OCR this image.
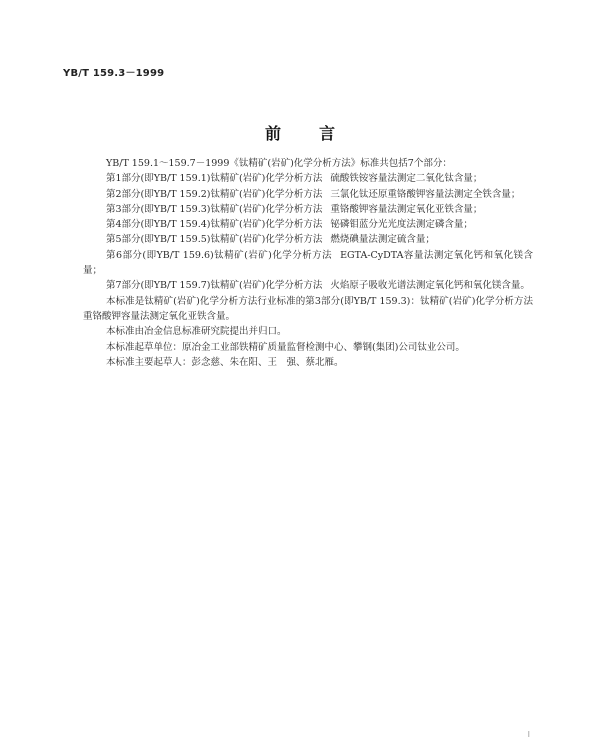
YB/T 159.3－1999

前言

YB/T 159.1～159.7－1999《钛精矿(岩矿)化学分析方法》标准共包括7个部分：

第1部分(即YB/T 159.1)钛精矿(岩矿)化学分析方法 硫酸铁铵容量法测定二氧化钛含量；

第2部分(即YB/T 159.2)钛精矿(岩矿)化学分析方法 三氯化钛还原重铬酸钾容量法测定全铁含量；

第3部分(即YB/T 159.3)钛精矿(岩矿)化学分析方法 重铬酸钾容量法测定氧化亚铁含量；

第4部分(即YB/T 159.4)钛精矿(岩矿)化学分析方法 铋磷钼蓝分光光度法测定磷含量；

第5部分(即YB/T 159.5)钛精矿(岩矿)化学分析方法 燃烧碘量法测定硫含量；

第6部分(即YB/T 159.6)钛精矿(岩矿)化学分析方法 EGTA-CyDTA容量法测定氧化钙和氧化镁含量；

第7部分(即YB/T 159.7)钛精矿(岩矿)化学分析方法 火焰原子吸收光谱法测定氧化钙和氧化镁含量。

本标准是钛精矿(岩矿)化学分析方法行业标准的第3部分(即YB/T 159.3)：钛精矿(岩矿)化学分析方法　重铬酸钾容量法测定氧化亚铁含量。

本标准由冶金信息标准研究院提出并归口。

本标准起草单位：原冶金工业部铁精矿质量监督检测中心、攀钢(集团)公司钛业公司。

本标准主要起草人：彭念慈、朱在阳、王　强、蔡北雁。

I
